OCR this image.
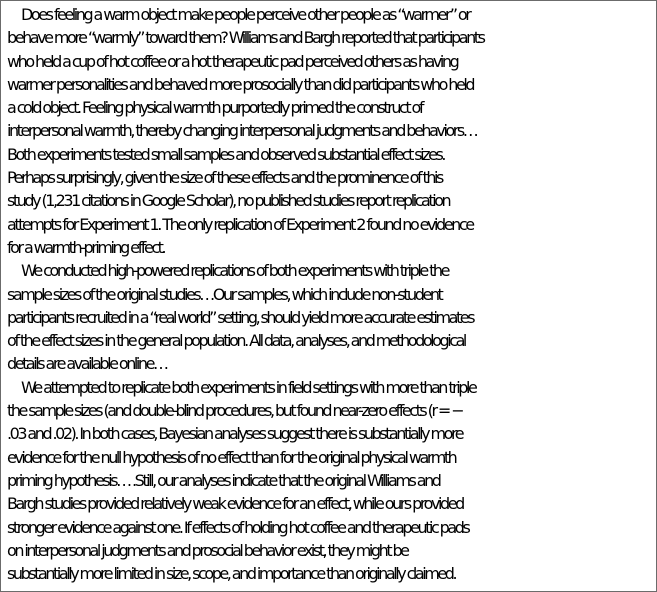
Does feeling a warm object make people perceive other people as “warmer” or
behave more “warmly” toward them? Williams and Bargh reported that participants
who held a cup of hot coffee or a hot therapeutic pad perceived others as having
warmer personalities and behaved more prosocially than did participants who held
a cold object. Feeling physical warmth purportedly primed the construct of
interpersonal warmth, thereby changing interpersonal judgments and behaviors…
Both experiments tested small samples and observed substantial effect sizes.
Perhaps surprisingly, given the size of these effects and the prominence of this
study (1,231 citations in Google Scholar), no published studies report replication
attempts for Experiment 1. The only replication of Experiment 2 found no evidence
for a warmth-priming effect.
We conducted high-powered replications of both experiments with triple the
sample sizes of the original studies…Our samples, which include non-student
participants recruited in a “real world” setting, should yield more accurate estimates
of the effect sizes in the general population. All data, analyses, and methodological
details are available online…
We attempted to replicate both experiments in field settings with more than triple
the sample sizes (and double-blind procedures, but found near-zero effects (r = −
.03 and .02). In both cases, Bayesian analyses suggest there is substantially more
evidence for the null hypothesis of no effect than for the original physical warmth
priming hypothesis… .Still, our analyses indicate that the original Williams and
Bargh studies provided relatively weak evidence for an effect, while ours provided
stronger evidence against one. If effects of holding hot coffee and therapeutic pads
on interpersonal judgments and prosocial behavior exist, they might be
substantially more limited in size, scope, and importance than originally claimed.
